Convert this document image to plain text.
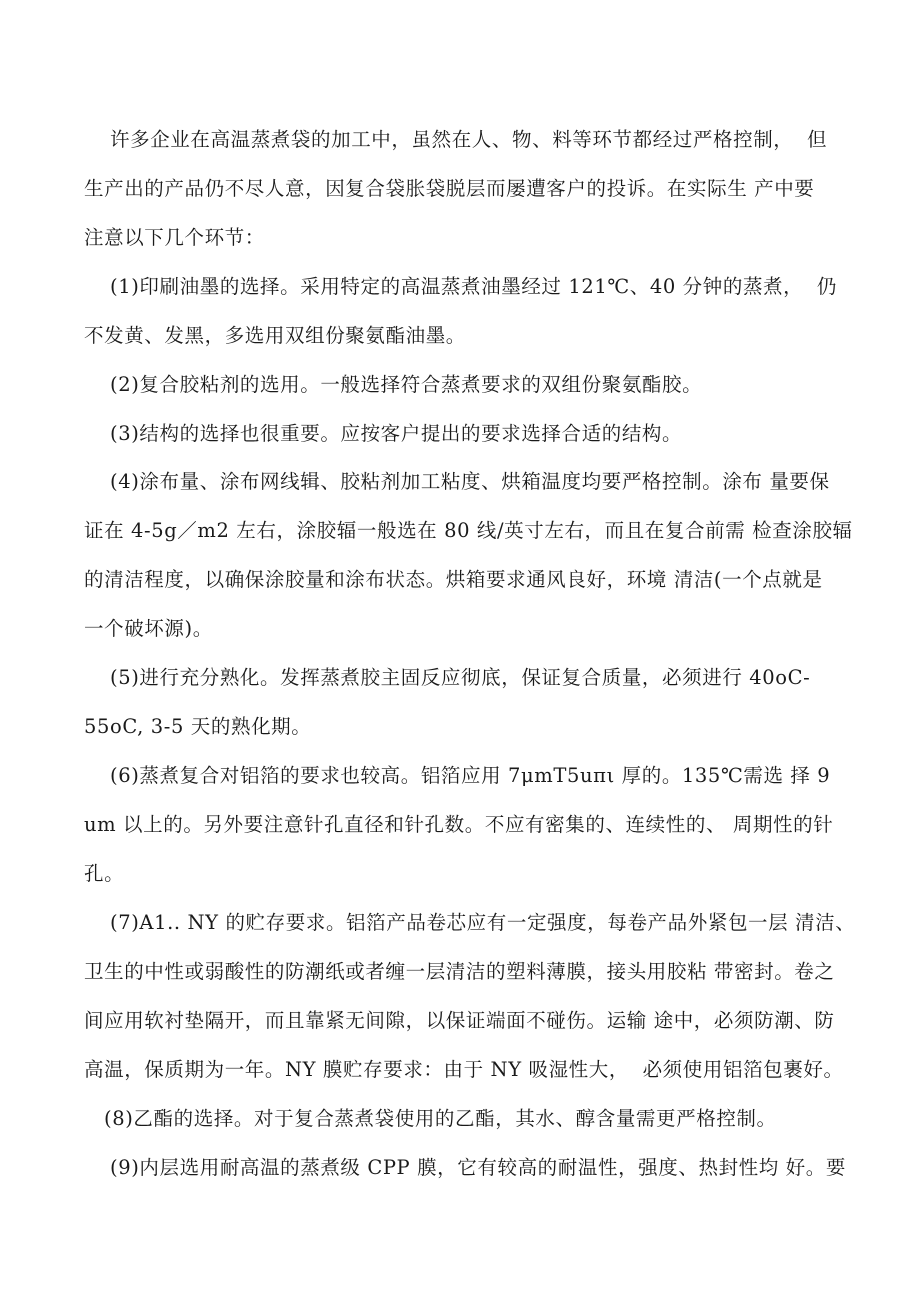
许多企业在高温蒸煮袋的加工中，虽然在人、物、料等环节都经过严格控制，  但

生产出的产品仍不尽人意，因复合袋胀袋脱层而屡遭客户的投诉。在实际生 产中要

注意以下几个环节：

(1)印刷油墨的选择。采用特定的高温蒸煮油墨经过 121℃、40 分钟的蒸煮，  仍

不发黄、发黑，多选用双组份聚氨酯油墨。

(2)复合胶粘剂的选用。一般选择符合蒸煮要求的双组份聚氨酯胶。

(3)结构的选择也很重要。应按客户提出的要求选择合适的结构。

(4)涂布量、涂布网线辑、胶粘剂加工粘度、烘箱温度均要严格控制。涂布 量要保

证在 4-5g／m2 左右，涂胶辐一般选在 80 线/英寸左右，而且在复合前需 检查涂胶辐

的清洁程度，以确保涂胶量和涂布状态。烘箱要求通风良好，环境 清洁(一个点就是

一个破坏源)。

(5)进行充分熟化。发挥蒸煮胶主固反应彻底，保证复合质量，必须进行 40oC-

55oC, 3-5 天的熟化期。

(6)蒸煮复合对铝箔的要求也较高。铝箔应用 7μmT5uπι 厚的。135℃需选 择 9

um 以上的。另外要注意针孔直径和针孔数。不应有密集的、连续性的、 周期性的针

孔。

(7)A1.. NY 的贮存要求。铝箔产品卷芯应有一定强度，每卷产品外紧包一层 清洁、

卫生的中性或弱酸性的防潮纸或者缠一层清洁的塑料薄膜，接头用胶粘 带密封。卷之

间应用软衬垫隔开，而且靠紧无间隙，以保证端面不碰伤。运输 途中，必须防潮、防

高温，保质期为一年。NY 膜贮存要求：由于 NY 吸湿性大，  必须使用铝箔包裹好。

(8)乙酯的选择。对于复合蒸煮袋使用的乙酯，其水、醇含量需更严格控制。

(9)内层选用耐高温的蒸煮级 CPP 膜，它有较高的耐温性，强度、热封性均 好。要
